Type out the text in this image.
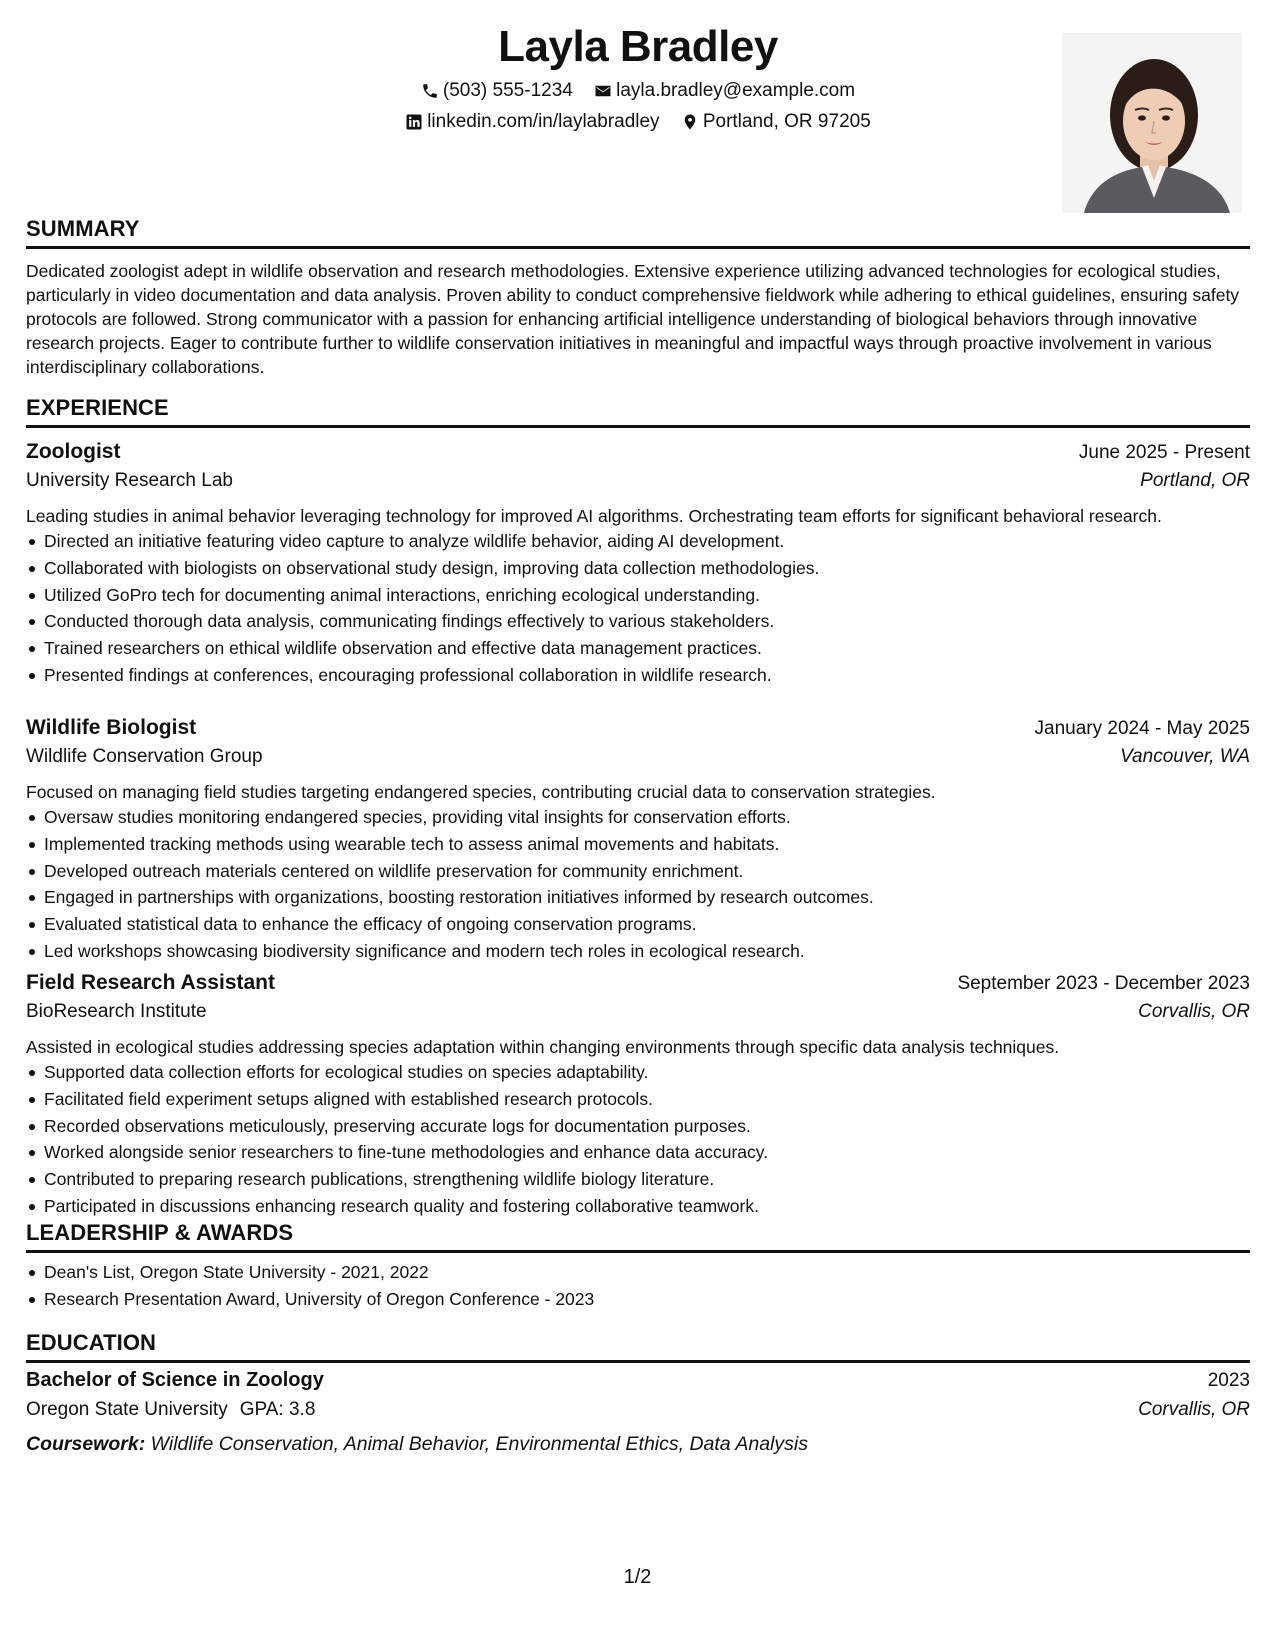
Layla Bradley
(503) 555-1234
layla.bradley@example.com
linkedin.com/in/laylabradley
Portland, OR 97205
SUMMARY

Dedicated zoologist adept in wildlife observation and research methodologies. Extensive experience utilizing advanced technologies for ecological studies, particularly in video documentation and data analysis. Proven ability to conduct comprehensive fieldwork while adhering to ethical guidelines, ensuring safety protocols are followed. Strong communicator with a passion for enhancing artificial intelligence understanding of biological behaviors through innovative research projects. Eager to contribute further to wildlife conservation initiatives in meaningful and impactful ways through proactive involvement in various interdisciplinary collaborations.

EXPERIENCE
Zoologist	June 2025 - Present
University Research Lab	Portland, OR

Leading studies in animal behavior leveraging technology for improved AI algorithms. Orchestrating team efforts for significant behavioral research.

Directed an initiative featuring video capture to analyze wildlife behavior, aiding AI development.
Collaborated with biologists on observational study design, improving data collection methodologies.
Utilized GoPro tech for documenting animal interactions, enriching ecological understanding.
Conducted thorough data analysis, communicating findings effectively to various stakeholders.
Trained researchers on ethical wildlife observation and effective data management practices.
Presented findings at conferences, encouraging professional collaboration in wildlife research.
Wildlife Biologist	January 2024 - May 2025
Wildlife Conservation Group	Vancouver, WA

Focused on managing field studies targeting endangered species, contributing crucial data to conservation strategies.

Oversaw studies monitoring endangered species, providing vital insights for conservation efforts.
Implemented tracking methods using wearable tech to assess animal movements and habitats.
Developed outreach materials centered on wildlife preservation for community enrichment.
Engaged in partnerships with organizations, boosting restoration initiatives informed by research outcomes.
Evaluated statistical data to enhance the efficacy of ongoing conservation programs.
Led workshops showcasing biodiversity significance and modern tech roles in ecological research.
Field Research Assistant	September 2023 - December 2023
BioResearch Institute	Corvallis, OR

Assisted in ecological studies addressing species adaptation within changing environments through specific data analysis techniques.

Supported data collection efforts for ecological studies on species adaptability.
Facilitated field experiment setups aligned with established research protocols.
Recorded observations meticulously, preserving accurate logs for documentation purposes.
Worked alongside senior researchers to fine-tune methodologies and enhance data accuracy.
Contributed to preparing research publications, strengthening wildlife biology literature.
Participated in discussions enhancing research quality and fostering collaborative teamwork.
LEADERSHIP & AWARDS
Dean's List, Oregon State University - 2021, 2022
Research Presentation Award, University of Oregon Conference - 2023
EDUCATION
Bachelor of Science in Zoology	2023
Oregon State University GPA: 3.8	Corvallis, OR
Coursework: Wildlife Conservation, Animal Behavior, Environmental Ethics, Data Analysis
1/2
